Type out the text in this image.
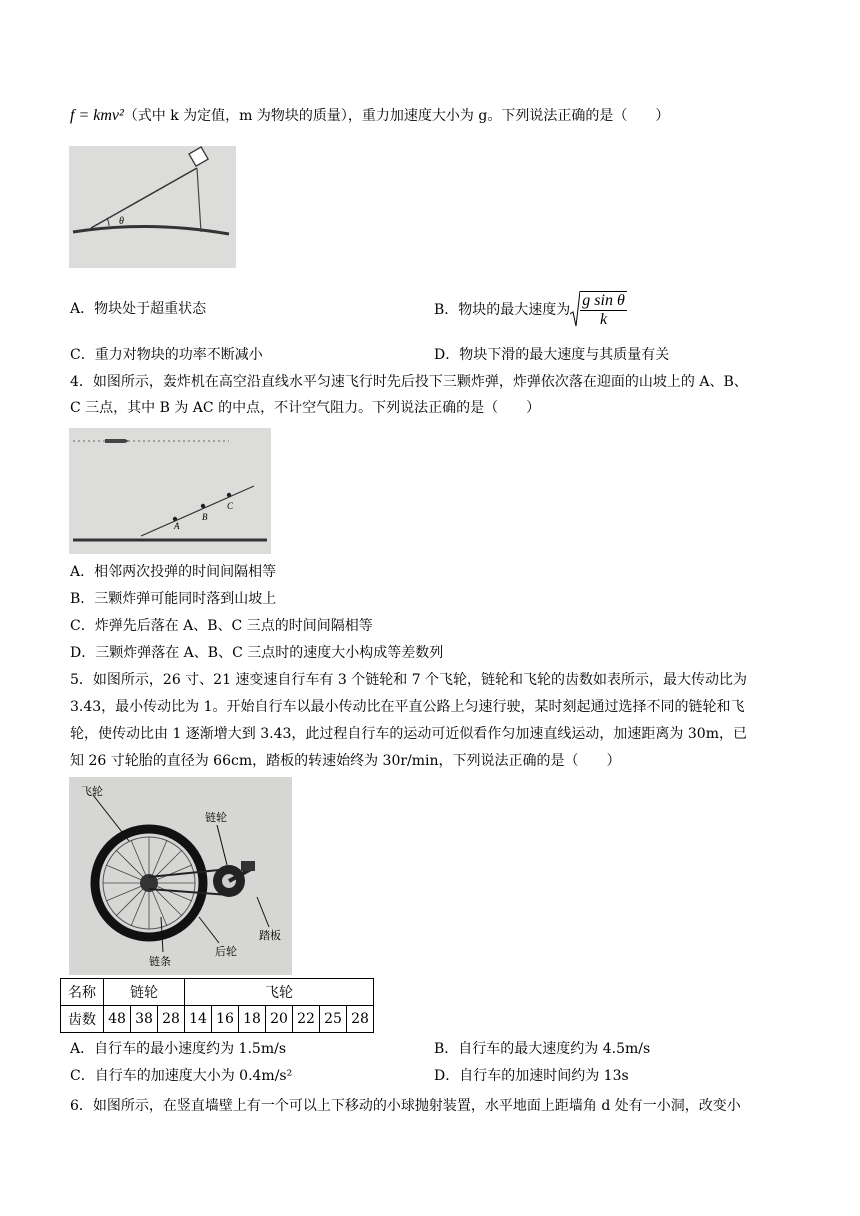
f = kmv²（式中 k 为定值，m 为物块的质量），重力加速度大小为 g。下列说法正确的是（　　）
θ
A．物块处于超重状态	B．物块的最大速度为 $\frac{\text{g sin θ}}{k}$
C．重力对物块的功率不断减小	D．物块下滑的最大速度与其质量有关
4．如图所示，轰炸机在高空沿直线水平匀速飞行时先后投下三颗炸弹，炸弹依次落在迎面的山坡上的 A、B、
C 三点，其中 B 为 AC 的中点，不计空气阻力。下列说法正确的是（　　）
A
B
C
A．相邻两次投弹的时间间隔相等
B．三颗炸弹可能同时落到山坡上
C．炸弹先后落在 A、B、C 三点的时间间隔相等
D．三颗炸弹落在 A、B、C 三点时的速度大小构成等差数列
5．如图所示，26 寸、21 速变速自行车有 3 个链轮和 7 个飞轮，链轮和飞轮的齿数如表所示，最大传动比为
3.43，最小传动比为 1。开始自行车以最小传动比在平直公路上匀速行驶，某时刻起通过选择不同的链轮和飞
轮，使传动比由 1 逐渐增大到 3.43，此过程自行车的运动可近似看作匀加速直线运动，加速距离为 30m，已
知 26 寸轮胎的直径为 66cm，踏板的转速始终为 30r/min，下列说法正确的是（　　）
飞轮
链轮
踏板
后轮
链条
名称	链轮			飞轮						
齿数	48	38	28	14	16	18	20	22	25	28
A．自行车的最小速度约为 1.5m/s	B．自行车的最大速度约为 4.5m/s
C．自行车的加速度大小为 0.4m/s²	D．自行车的加速时间约为 13s
6．如图所示，在竖直墙壁上有一个可以上下移动的小球抛射装置，水平地面上距墙角 d 处有一小洞，改变小
